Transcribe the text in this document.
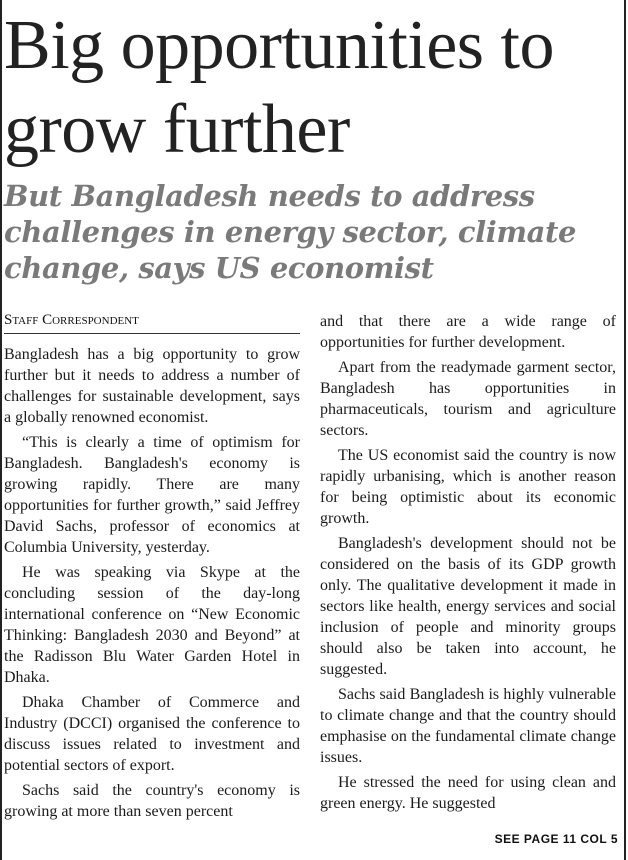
Big opportunities to grow further
But Bangladesh needs to address challenges in energy sector, climate change, says US economist
Staff Correspondent

Bangladesh has a big opportunity to grow further but it needs to address a number of challenges for sustainable development, says a globally renowned economist.

“This is clearly a time of optimism for Bangladesh. Bangladesh's economy is growing rapidly. There are many opportunities for further growth,” said Jeffrey David Sachs, professor of economics at Columbia University, yesterday.

He was speaking via Skype at the concluding session of the day-long international conference on “New Economic Thinking: Bangladesh 2030 and Beyond” at the Radisson Blu Water Garden Hotel in Dhaka.

Dhaka Chamber of Commerce and Industry (DCCI) organised the conference to discuss issues related to investment and potential sectors of export.

Sachs said the country's economy is growing at more than seven percent

and that there are a wide range of opportunities for further development.

Apart from the readymade garment sector, Bangladesh has opportunities in pharmaceuticals, tourism and agriculture sectors.

The US economist said the country is now rapidly urbanising, which is another reason for being optimistic about its economic growth.

Bangladesh's development should not be considered on the basis of its GDP growth only. The qualitative development it made in sectors like health, energy services and social inclusion of people and minority groups should also be taken into account, he suggested.

Sachs said Bangladesh is highly vulnerable to climate change and that the country should emphasise on the fundamental climate change issues.

He stressed the need for using clean and green energy. He suggested

SEE PAGE 11 COL 5
